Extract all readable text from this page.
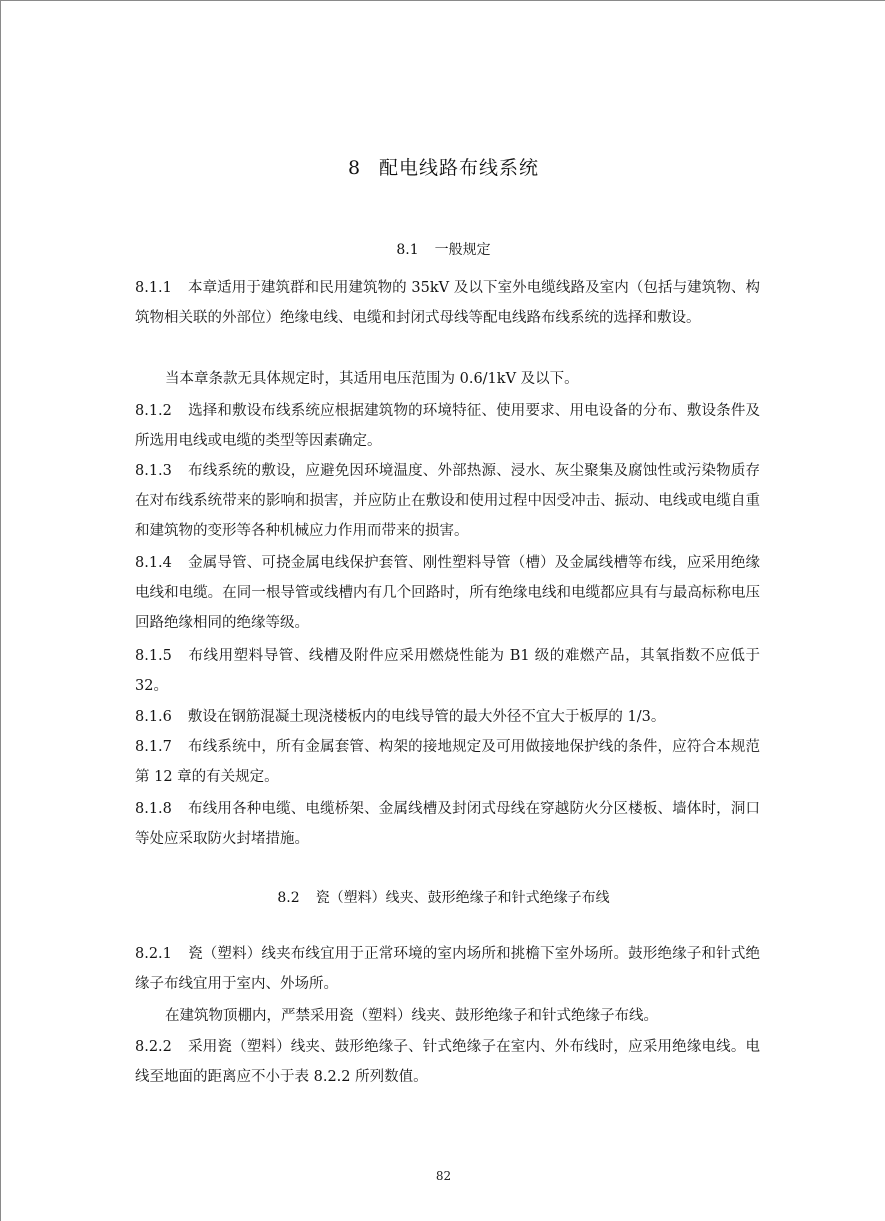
8 配电线路布线系统
8.1 一般规定
8.1.1 本章适用于建筑群和民用建筑物的 35kV 及以下室外电缆线路及室内（包括与建筑物、构筑物相关联的外部位）绝缘电线、电缆和封闭式母线等配电线路布线系统的选择和敷设。
当本章条款无具体规定时，其适用电压范围为 0.6/1kV 及以下。
8.1.2 选择和敷设布线系统应根据建筑物的环境特征、使用要求、用电设备的分布、敷设条件及所选用电线或电缆的类型等因素确定。
8.1.3 布线系统的敷设，应避免因环境温度、外部热源、浸水、灰尘聚集及腐蚀性或污染物质存在对布线系统带来的影响和损害，并应防止在敷设和使用过程中因受冲击、振动、电线或电缆自重和建筑物的变形等各种机械应力作用而带来的损害。
8.1.4 金属导管、可挠金属电线保护套管、刚性塑料导管（槽）及金属线槽等布线，应采用绝缘电线和电缆。在同一根导管或线槽内有几个回路时，所有绝缘电线和电缆都应具有与最高标称电压回路绝缘相同的绝缘等级。
8.1.5 布线用塑料导管、线槽及附件应采用燃烧性能为 B1 级的难燃产品，其氧指数不应低于 32。
8.1.6 敷设在钢筋混凝土现浇楼板内的电线导管的最大外径不宜大于板厚的 1/3。
8.1.7 布线系统中，所有金属套管、构架的接地规定及可用做接地保护线的条件，应符合本规范第 12 章的有关规定。
8.1.8 布线用各种电缆、电缆桥架、金属线槽及封闭式母线在穿越防火分区楼板、墙体时，洞口等处应采取防火封堵措施。
8.2 瓷（塑料）线夹、鼓形绝缘子和针式绝缘子布线
8.2.1 瓷（塑料）线夹布线宜用于正常环境的室内场所和挑檐下室外场所。鼓形绝缘子和针式绝缘子布线宜用于室内、外场所。
在建筑物顶棚内，严禁采用瓷（塑料）线夹、鼓形绝缘子和针式绝缘子布线。
8.2.2 采用瓷（塑料）线夹、鼓形绝缘子、针式绝缘子在室内、外布线时，应采用绝缘电线。电线至地面的距离应不小于表 8.2.2 所列数值。
82
